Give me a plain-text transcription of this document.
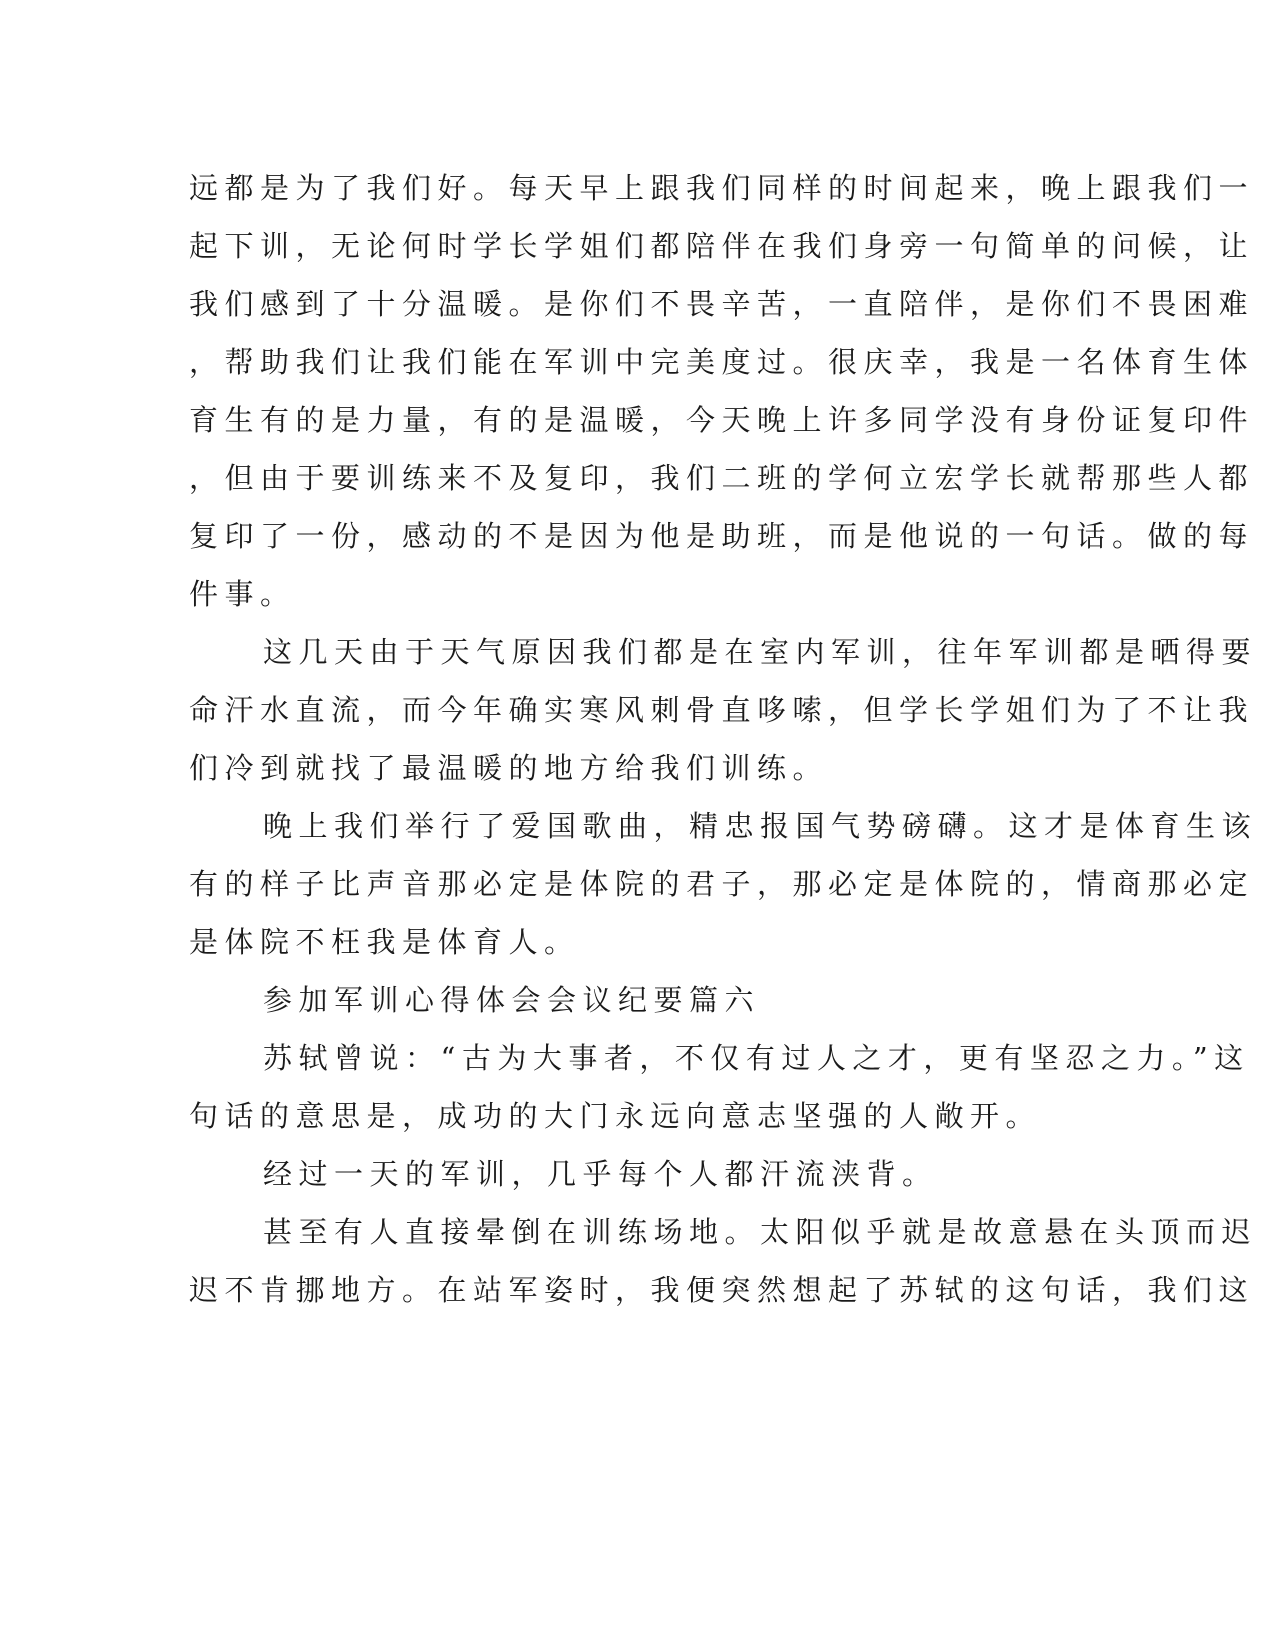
远都是为了我们好。每天早上跟我们同样的时间起来，晚上跟我们一
起下训，无论何时学长学姐们都陪伴在我们身旁一句简单的问候，让
我们感到了十分温暖。是你们不畏辛苦，一直陪伴，是你们不畏困难
，帮助我们让我们能在军训中完美度过。很庆幸，我是一名体育生体
育生有的是力量，有的是温暖，今天晚上许多同学没有身份证复印件
，但由于要训练来不及复印，我们二班的学何立宏学长就帮那些人都
复印了一份，感动的不是因为他是助班，而是他说的一句话。做的每
件事。
这几天由于天气原因我们都是在室内军训，往年军训都是晒得要
命汗水直流，而今年确实寒风刺骨直哆嗦，但学长学姐们为了不让我
们冷到就找了最温暖的地方给我们训练。
晚上我们举行了爱国歌曲，精忠报国气势磅礴。这才是体育生该
有的样子比声音那必定是体院的君子，那必定是体院的，情商那必定
是体院不枉我是体育人。
参加军训心得体会会议纪要篇六
苏轼曾说：“古为大事者，不仅有过人之才，更有坚忍之力。”这
句话的意思是，成功的大门永远向意志坚强的人敞开。
经过一天的军训，几乎每个人都汗流浃背。
甚至有人直接晕倒在训练场地。太阳似乎就是故意悬在头顶而迟
迟不肯挪地方。在站军姿时，我便突然想起了苏轼的这句话，我们这
